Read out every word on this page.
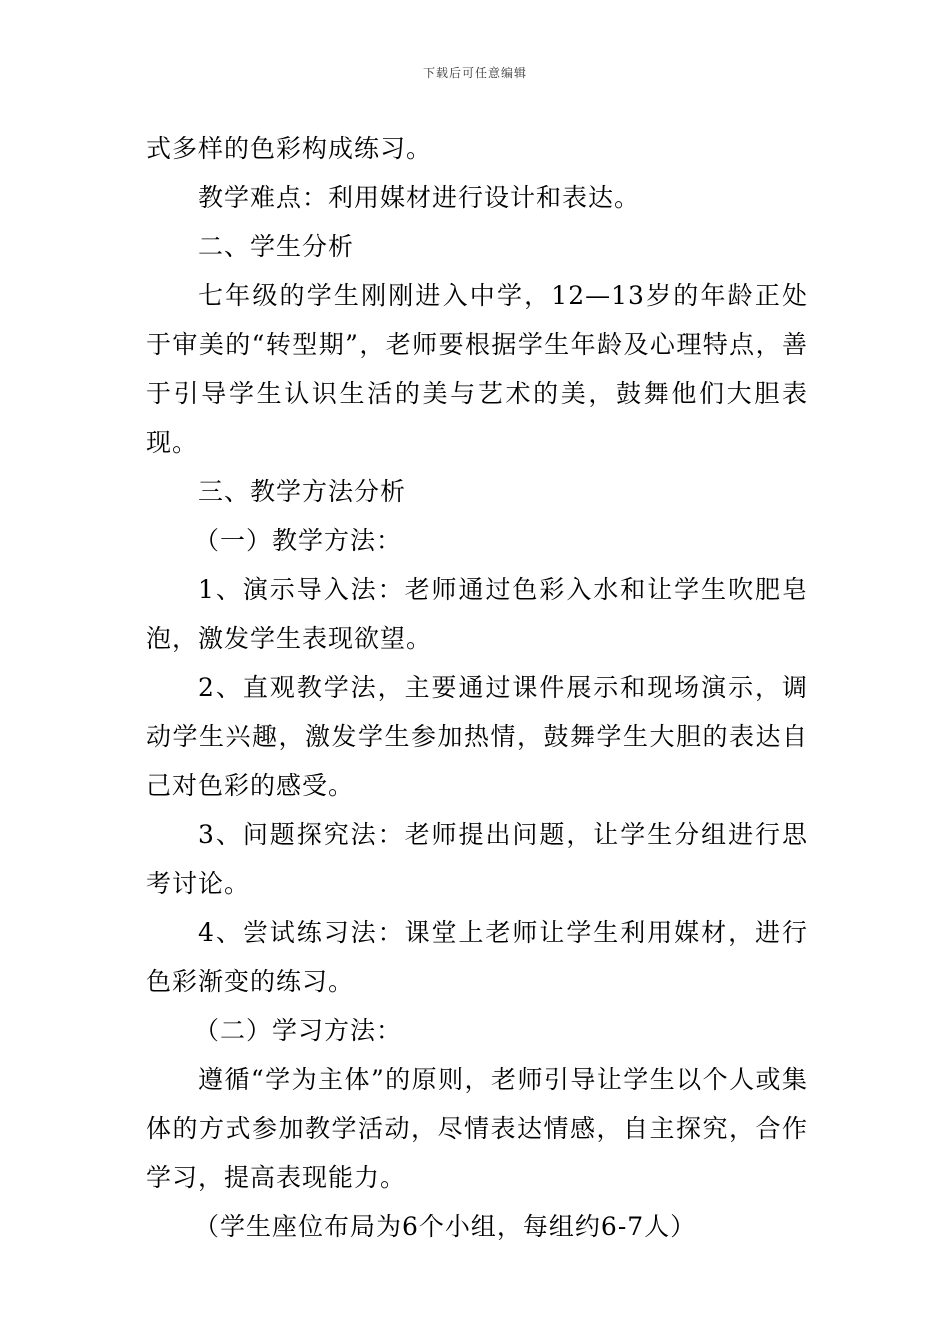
下载后可任意编辑

式多样的色彩构成练习。

教学难点：利用媒材进行设计和表达。

二、学生分析

七年级的学生刚刚进入中学，12—13岁的年龄正处于审美的“转型期”，老师要根据学生年龄及心理特点，善于引导学生认识生活的美与艺术的美，鼓舞他们大胆表现。

三、教学方法分析

（一）教学方法：

1、演示导入法：老师通过色彩入水和让学生吹肥皂泡，激发学生表现欲望。

2、直观教学法，主要通过课件展示和现场演示，调动学生兴趣，激发学生参加热情，鼓舞学生大胆的表达自己对色彩的感受。

3、问题探究法：老师提出问题，让学生分组进行思考讨论。

4、尝试练习法：课堂上老师让学生利用媒材，进行色彩渐变的练习。

（二）学习方法：

遵循“学为主体”的原则，老师引导让学生以个人或集体的方式参加教学活动，尽情表达情感，自主探究，合作学习，提高表现能力。

（学生座位布局为6个小组，每组约6-7人）
